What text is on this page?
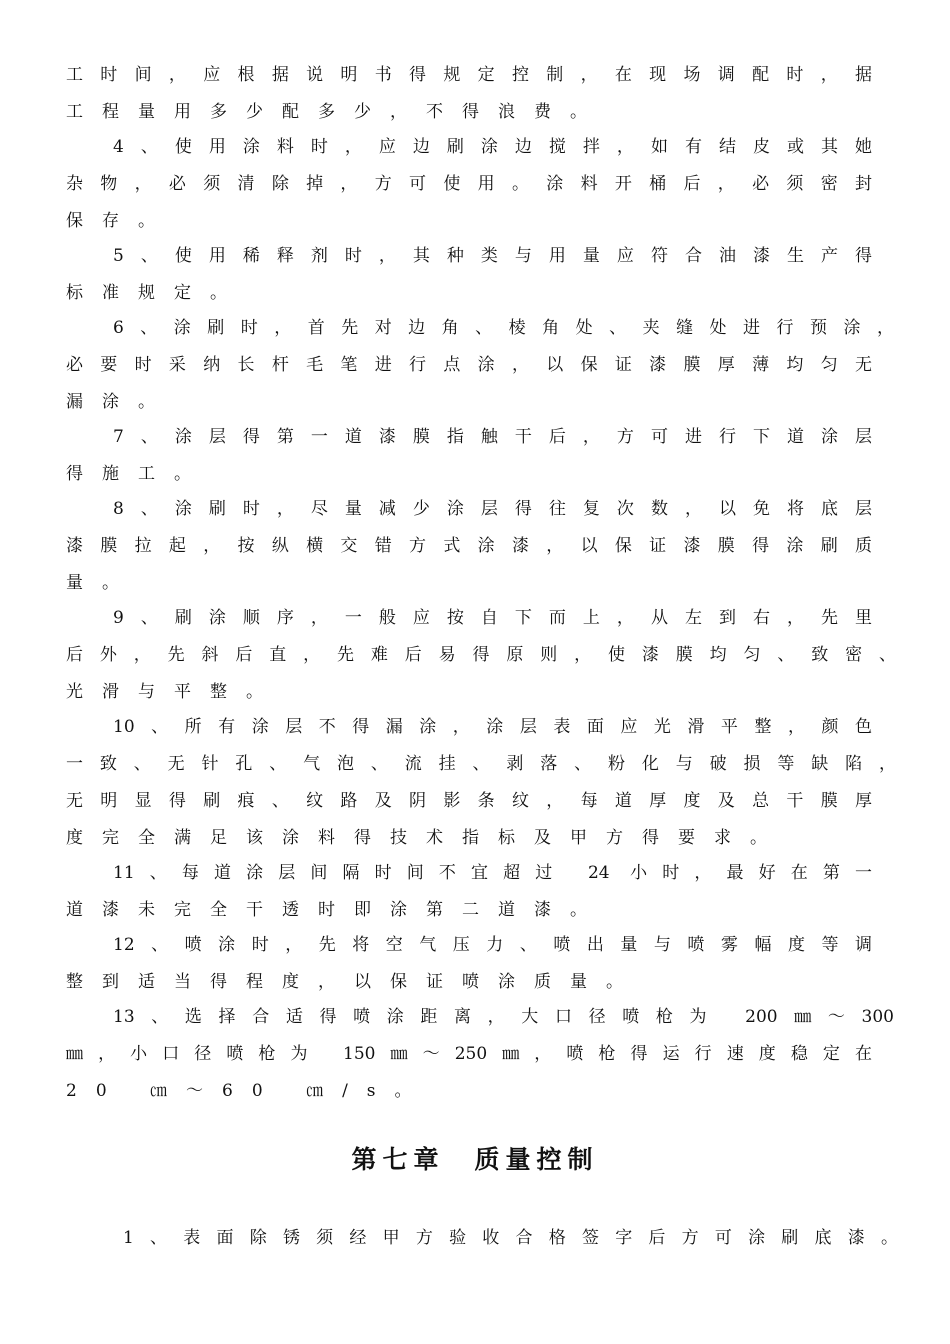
工时间，应根据说明书得规定控制，在现场调配时，据
工程量用多少配多少，不得浪费。
4、使用涂料时，应边刷涂边搅拌，如有结皮或其她
杂物，必须清除掉，方可使用。涂料开桶后，必须密封
保存。
5、使用稀释剂时，其种类与用量应符合油漆生产得
标准规定。
6、涂刷时，首先对边角、棱角处、夹缝处进行预涂，
必要时采纳长杆毛笔进行点涂，以保证漆膜厚薄均匀无
漏涂。
7、涂层得第一道漆膜指触干后，方可进行下道涂层
得施工。
8、涂刷时，尽量减少涂层得往复次数，以免将底层
漆膜拉起，按纵横交错方式涂漆，以保证漆膜得涂刷质
量。
9、刷涂顺序，一般应按自下而上，从左到右，先里
后外，先斜后直，先难后易得原则，使漆膜均匀、致密、
光滑与平整。
10、所有涂层不得漏涂，涂层表面应光滑平整，颜色
一致、无针孔、气泡、流挂、剥落、粉化与破损等缺陷，
无明显得刷痕、纹路及阴影条纹，每道厚度及总干膜厚
度完全满足该涂料得技术指标及甲方得要求。
11、每道涂层间隔时间不宜超过 24 小时，最好在第一
道漆未完全干透时即涂第二道漆。
12、喷涂时，先将空气压力、喷出量与喷雾幅度等调
整到适当得程度，以保证喷涂质量。
13、选择合适得喷涂距离，大口径喷枪为 200㎜～300
㎜，小口径喷枪为 150㎜～250㎜，喷枪得运行速度稳定在
20 ㎝～60 ㎝/s。
第七章 质量控制
1、表面除锈须经甲方验收合格签字后方可涂刷底漆。
